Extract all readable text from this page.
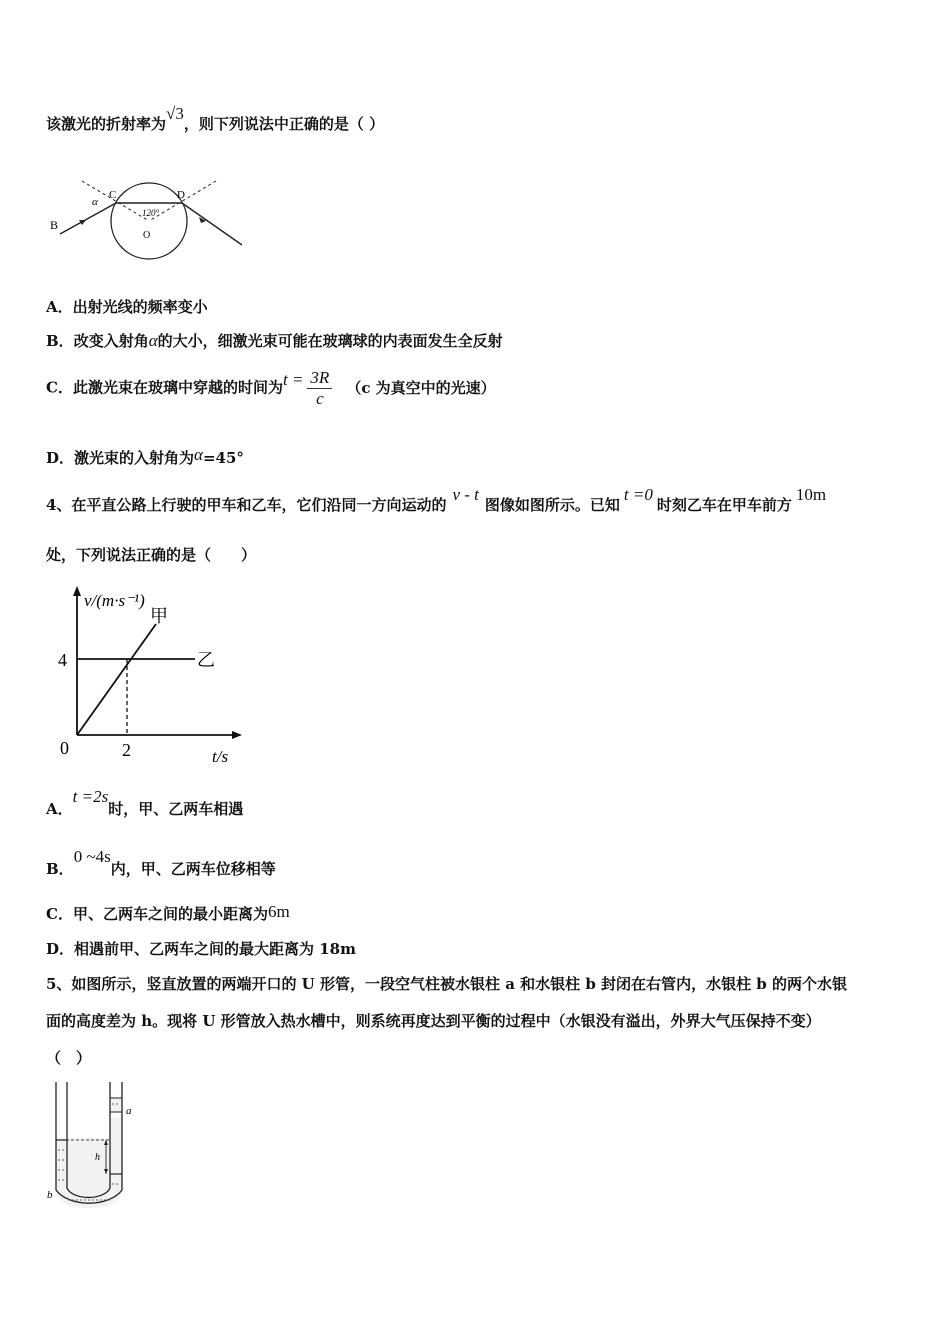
该激光的折射率为√3，则下列说法中正确的是（ ）
B
C	D
O
α
120°
A．出射光线的频率变小
B．改变入射角α的大小，细激光束可能在玻璃球的内表面发生全反射
C．此激光束在玻璃中穿越的时间为$t = \frac{3R}{c} (c$ 为真空中的光速）
D．激光束的入射角为α=45°
4、在平直公路上行驶的甲车和乙车，它们沿同一方向运动的v - t图像如图所示。已知t =0时刻乙车在甲车前方10m
处，下列说法正确的是（　　）
v/(m·s⁻¹)
t/s
0
4
2
甲
乙
A．t =2s时，甲、乙两车相遇
B．0 ~4s内，甲、乙两车位移相等
C．甲、乙两车之间的最小距离为6m
D．相遇前甲、乙两车之间的最大距离为 18m
5、如图所示，竖直放置的两端开口的 U 形管，一段空气柱被水银柱 a 和水银柱 b 封闭在右管内，水银柱 b 的两个水银
面的高度差为 h。现将 U 形管放入热水槽中，则系统再度达到平衡的过程中（水银没有溢出，外界大气压保持不变）
（　）
h
a
b
